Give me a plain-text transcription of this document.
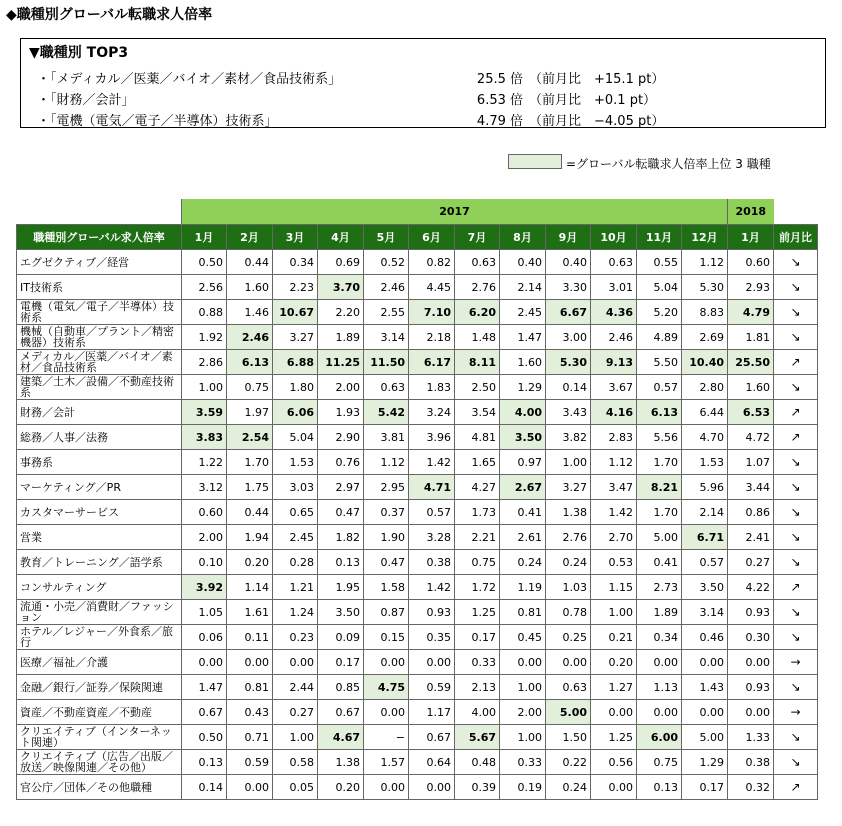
◆職種別グローバル転職求人倍率
▼職種別 TOP3
・「メディカル／医薬／バイオ／素材／食品技術系」	25.5 倍 （前月比　+15.1 pt）
・「財務／会計」	6.53 倍 （前月比　+0.1 pt）
・「電機（電気／電子／半導体）技術系」	4.79 倍 （前月比　−4.05 pt）
=グローバル転職求人倍率上位 3 職種
	2017												2018	
職種別グローバル求人倍率	1月	2月	3月	4月	5月	6月	7月	8月	9月	10月	11月	12月	1月	前月比
エグゼクティブ／経営	0.50	0.44	0.34	0.69	0.52	0.82	0.63	0.40	0.40	0.63	0.55	1.12	0.60	↘
IT技術系	2.56	1.60	2.23	3.70	2.46	4.45	2.76	2.14	3.30	3.01	5.04	5.30	2.93	↘
電機（電気／電子／半導体）技術系	0.88	1.46	10.67	2.20	2.55	7.10	6.20	2.45	6.67	4.36	5.20	8.83	4.79	↘
機械（自動車／プラント／精密機器）技術系	1.92	2.46	3.27	1.89	3.14	2.18	1.48	1.47	3.00	2.46	4.89	2.69	1.81	↘
メディカル／医薬／バイオ／素材／食品技術系	2.86	6.13	6.88	11.25	11.50	6.17	8.11	1.60	5.30	9.13	5.50	10.40	25.50	↗
建築／土木／設備／不動産技術系	1.00	0.75	1.80	2.00	0.63	1.83	2.50	1.29	0.14	3.67	0.57	2.80	1.60	↘
財務／会計	3.59	1.97	6.06	1.93	5.42	3.24	3.54	4.00	3.43	4.16	6.13	6.44	6.53	↗
総務／人事／法務	3.83	2.54	5.04	2.90	3.81	3.96	4.81	3.50	3.82	2.83	5.56	4.70	4.72	↗
事務系	1.22	1.70	1.53	0.76	1.12	1.42	1.65	0.97	1.00	1.12	1.70	1.53	1.07	↘
マーケティング／PR	3.12	1.75	3.03	2.97	2.95	4.71	4.27	2.67	3.27	3.47	8.21	5.96	3.44	↘
カスタマーサービス	0.60	0.44	0.65	0.47	0.37	0.57	1.73	0.41	1.38	1.42	1.70	2.14	0.86	↘
営業	2.00	1.94	2.45	1.82	1.90	3.28	2.21	2.61	2.76	2.70	5.00	6.71	2.41	↘
教育／トレーニング／語学系	0.10	0.20	0.28	0.13	0.47	0.38	0.75	0.24	0.24	0.53	0.41	0.57	0.27	↘
コンサルティング	3.92	1.14	1.21	1.95	1.58	1.42	1.72	1.19	1.03	1.15	2.73	3.50	4.22	↗
流通・小売／消費財／ファッション	1.05	1.61	1.24	3.50	0.87	0.93	1.25	0.81	0.78	1.00	1.89	3.14	0.93	↘
ホテル／レジャー／外食系／旅行	0.06	0.11	0.23	0.09	0.15	0.35	0.17	0.45	0.25	0.21	0.34	0.46	0.30	↘
医療／福祉／介護	0.00	0.00	0.00	0.17	0.00	0.00	0.33	0.00	0.00	0.20	0.00	0.00	0.00	→
金融／銀行／証券／保険関連	1.47	0.81	2.44	0.85	4.75	0.59	2.13	1.00	0.63	1.27	1.13	1.43	0.93	↘
資産／不動産資産／不動産	0.67	0.43	0.27	0.67	0.00	1.17	4.00	2.00	5.00	0.00	0.00	0.00	0.00	→
クリエイティブ（インターネット関連）	0.50	0.71	1.00	4.67	−	0.67	5.67	1.00	1.50	1.25	6.00	5.00	1.33	↘
クリエイティブ（広告／出版／放送／映像関連／その他）	0.13	0.59	0.58	1.38	1.57	0.64	0.48	0.33	0.22	0.56	0.75	1.29	0.38	↘
官公庁／団体／その他職種	0.14	0.00	0.05	0.20	0.00	0.00	0.39	0.19	0.24	0.00	0.13	0.17	0.32	↗
